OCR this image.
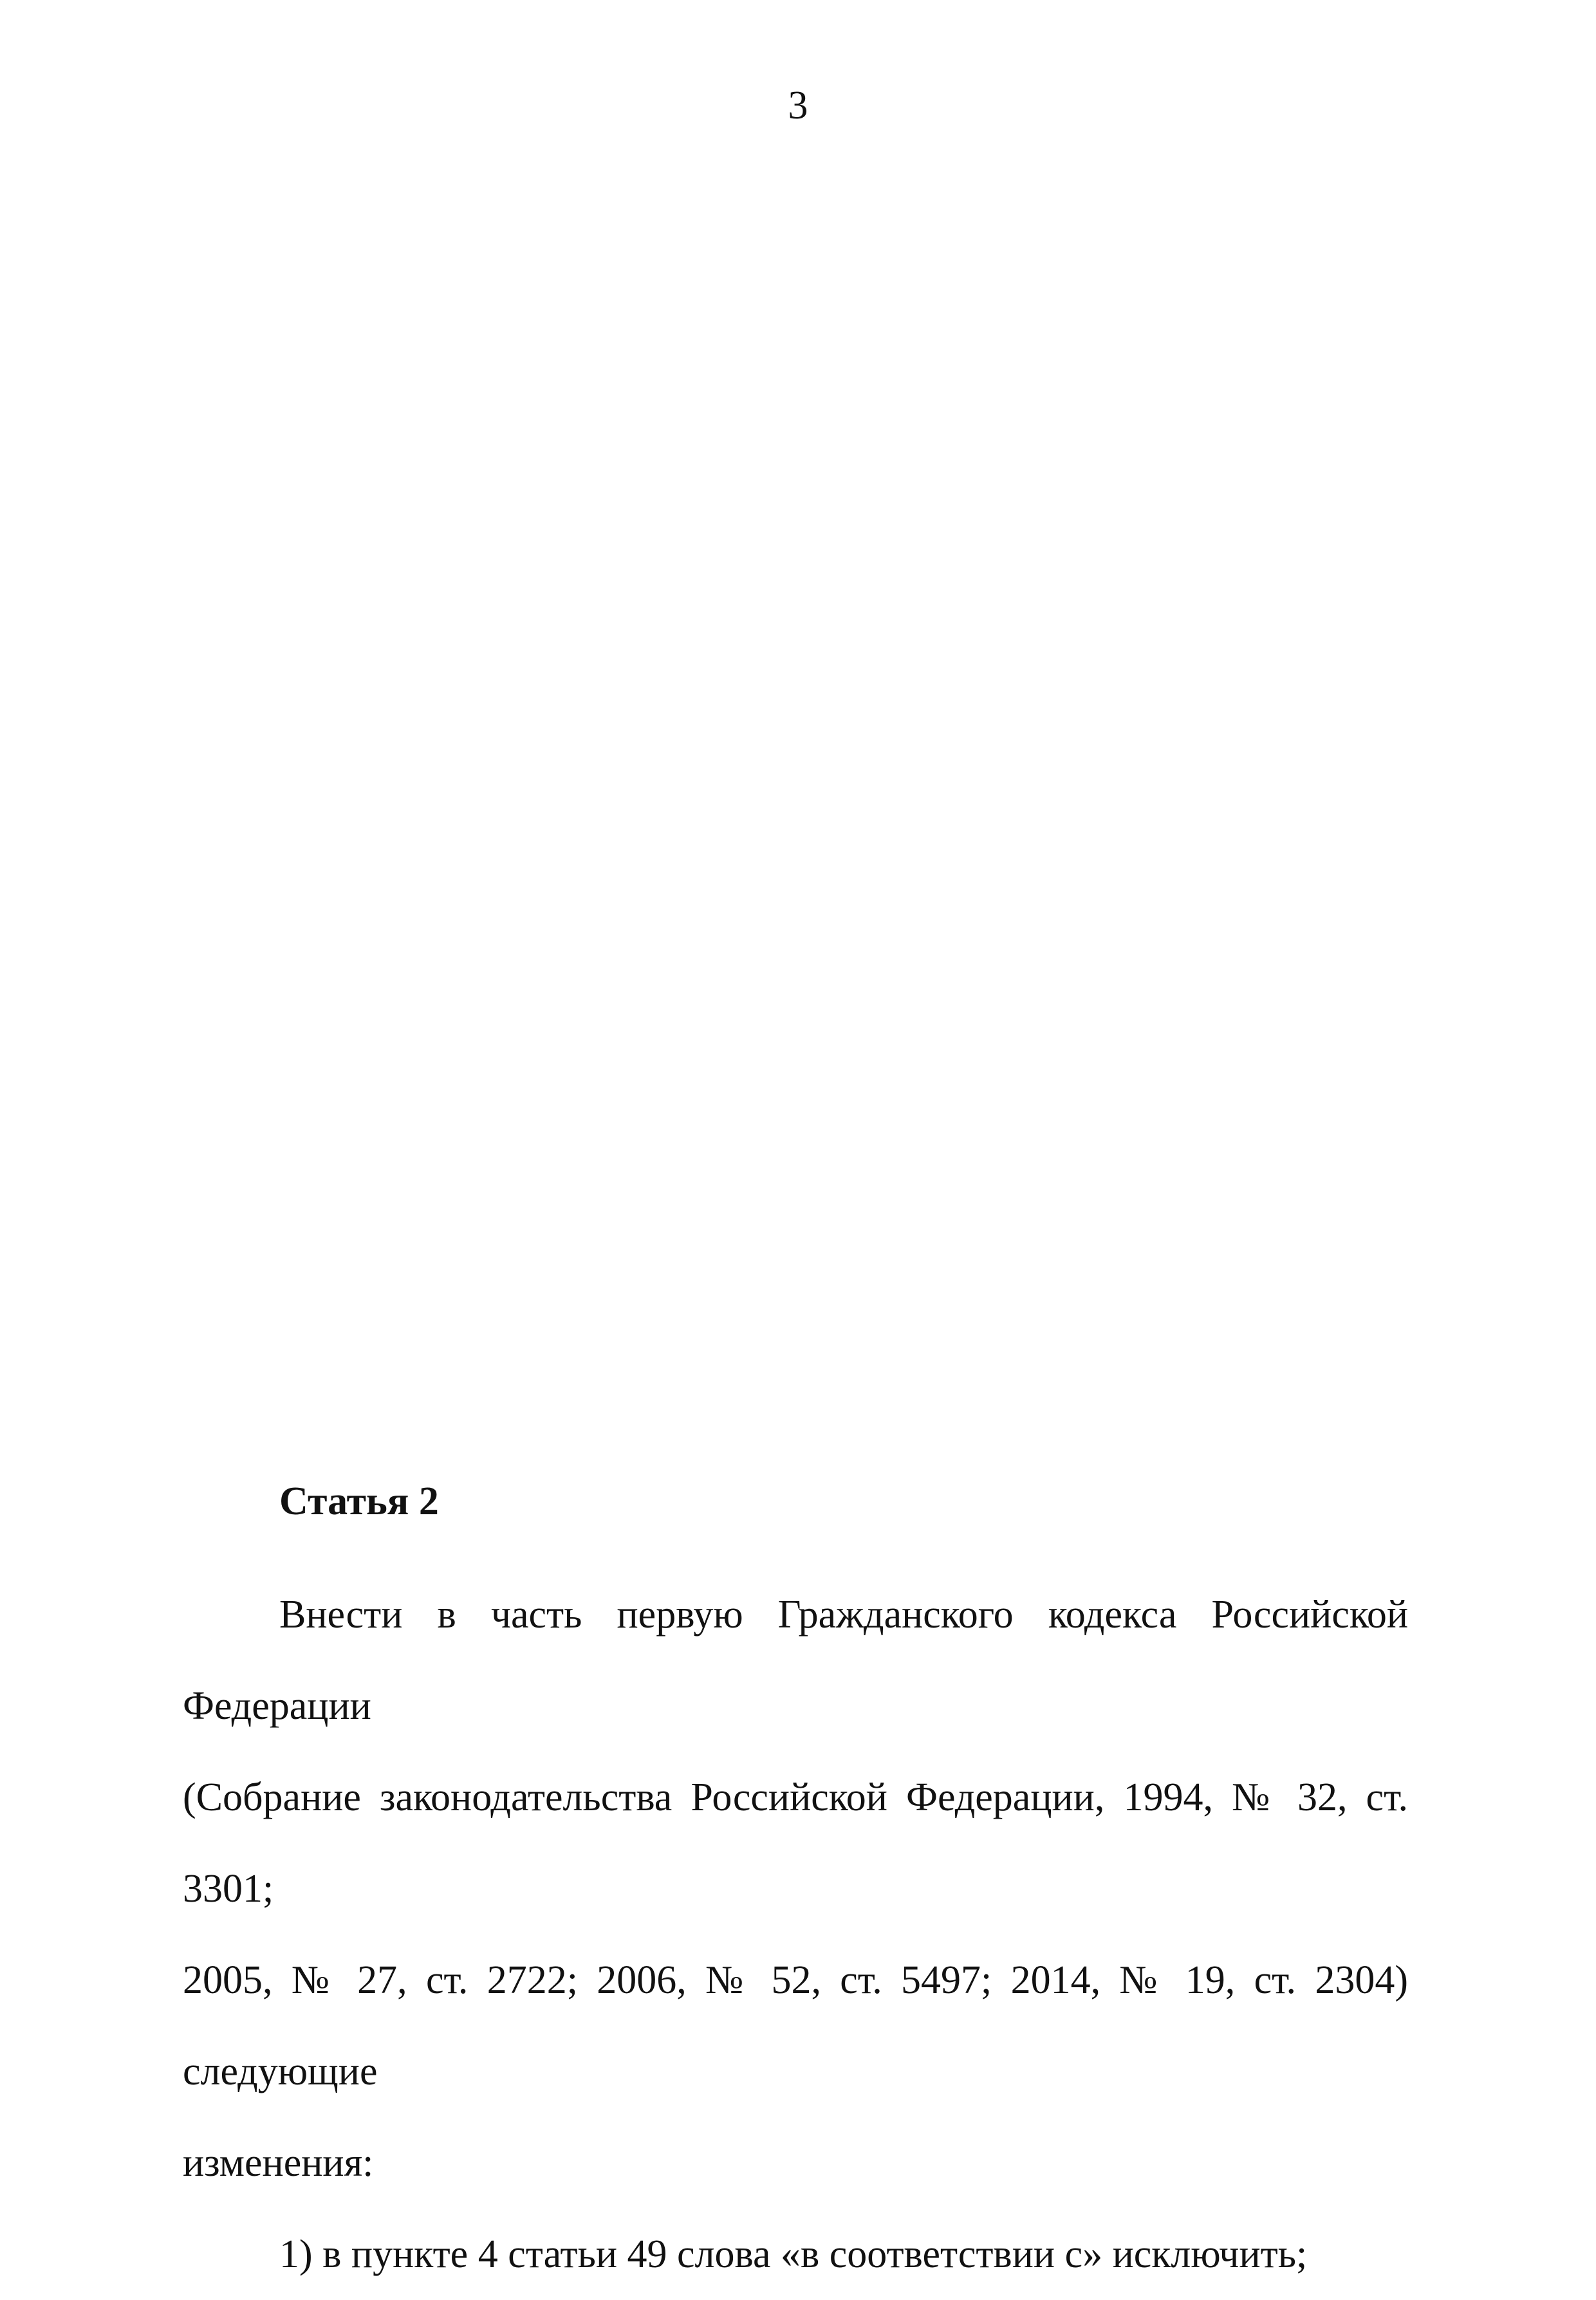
3

Статья 2

Внести в часть первую Гражданского кодекса Российской Федерации
(Собрание законодательства Российской Федерации, 1994, № 32, ст. 3301;
2005, № 27, ст. 2722; 2006, № 52, ст. 5497; 2014, № 19, ст. 2304) следующие
изменения:

1) в пункте 4 статьи 49 слова «в соответствии с» исключить;
